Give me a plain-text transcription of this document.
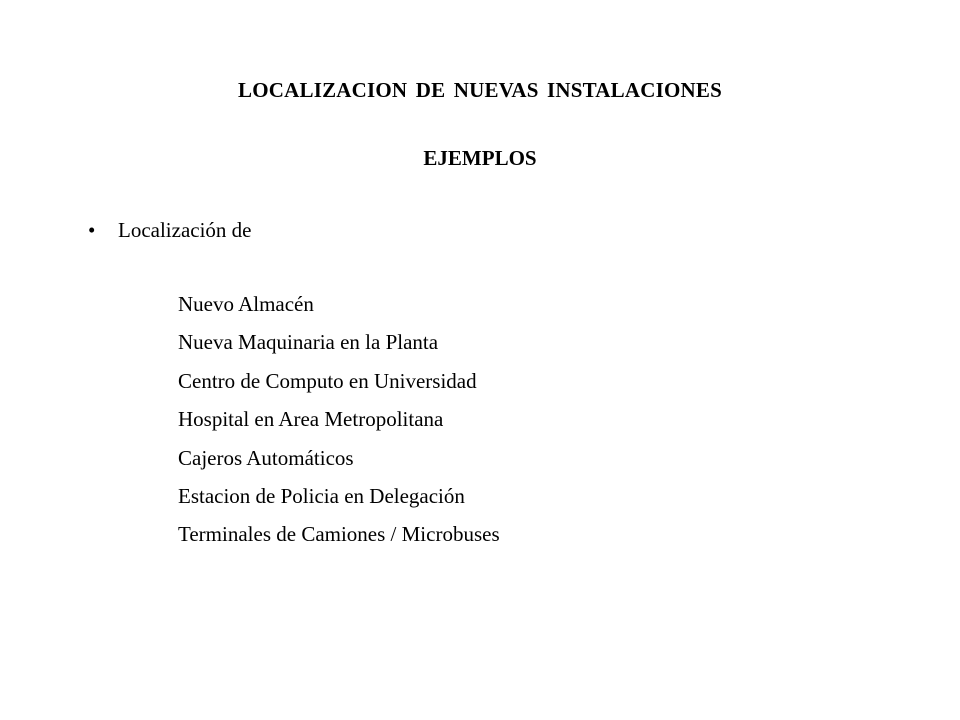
LOCALIZACION DE NUEVAS INSTALACIONES
EJEMPLOS
•	Localización de
Nuevo Almacén
Nueva Maquinaria en la Planta
Centro de Computo en Universidad
Hospital en Area Metropolitana
Cajeros Automáticos
Estacion de Policia en Delegación
Terminales de Camiones / Microbuses
